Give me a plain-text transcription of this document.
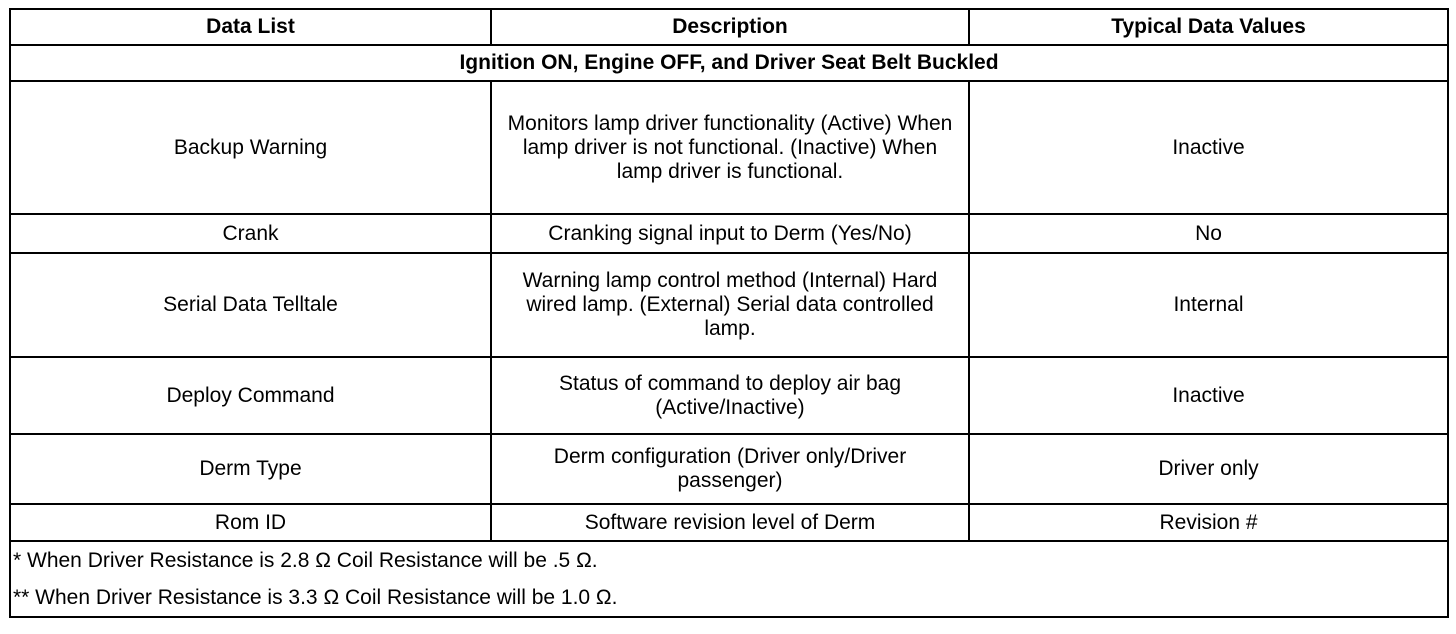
Data List	Description	Typical Data Values
Ignition ON, Engine OFF, and Driver Seat Belt Buckled		
Backup Warning	Monitors lamp driver functionality (Active) When lamp driver is not functional. (Inactive) When lamp driver is functional.	Inactive
Crank	Cranking signal input to Derm (Yes/No)	No
Serial Data Telltale	Warning lamp control method (Internal) Hard wired lamp. (External) Serial data controlled lamp.	Internal
Deploy Command	Status of command to deploy air bag (Active/Inactive)	Inactive
Derm Type	Derm configuration (Driver only/Driver passenger)	Driver only
Rom ID	Software revision level of Derm	Revision #
* When Driver Resistance is 2.8 Ω Coil Resistance will be .5 Ω.		
** When Driver Resistance is 3.3 Ω Coil Resistance will be 1.0 Ω.		
